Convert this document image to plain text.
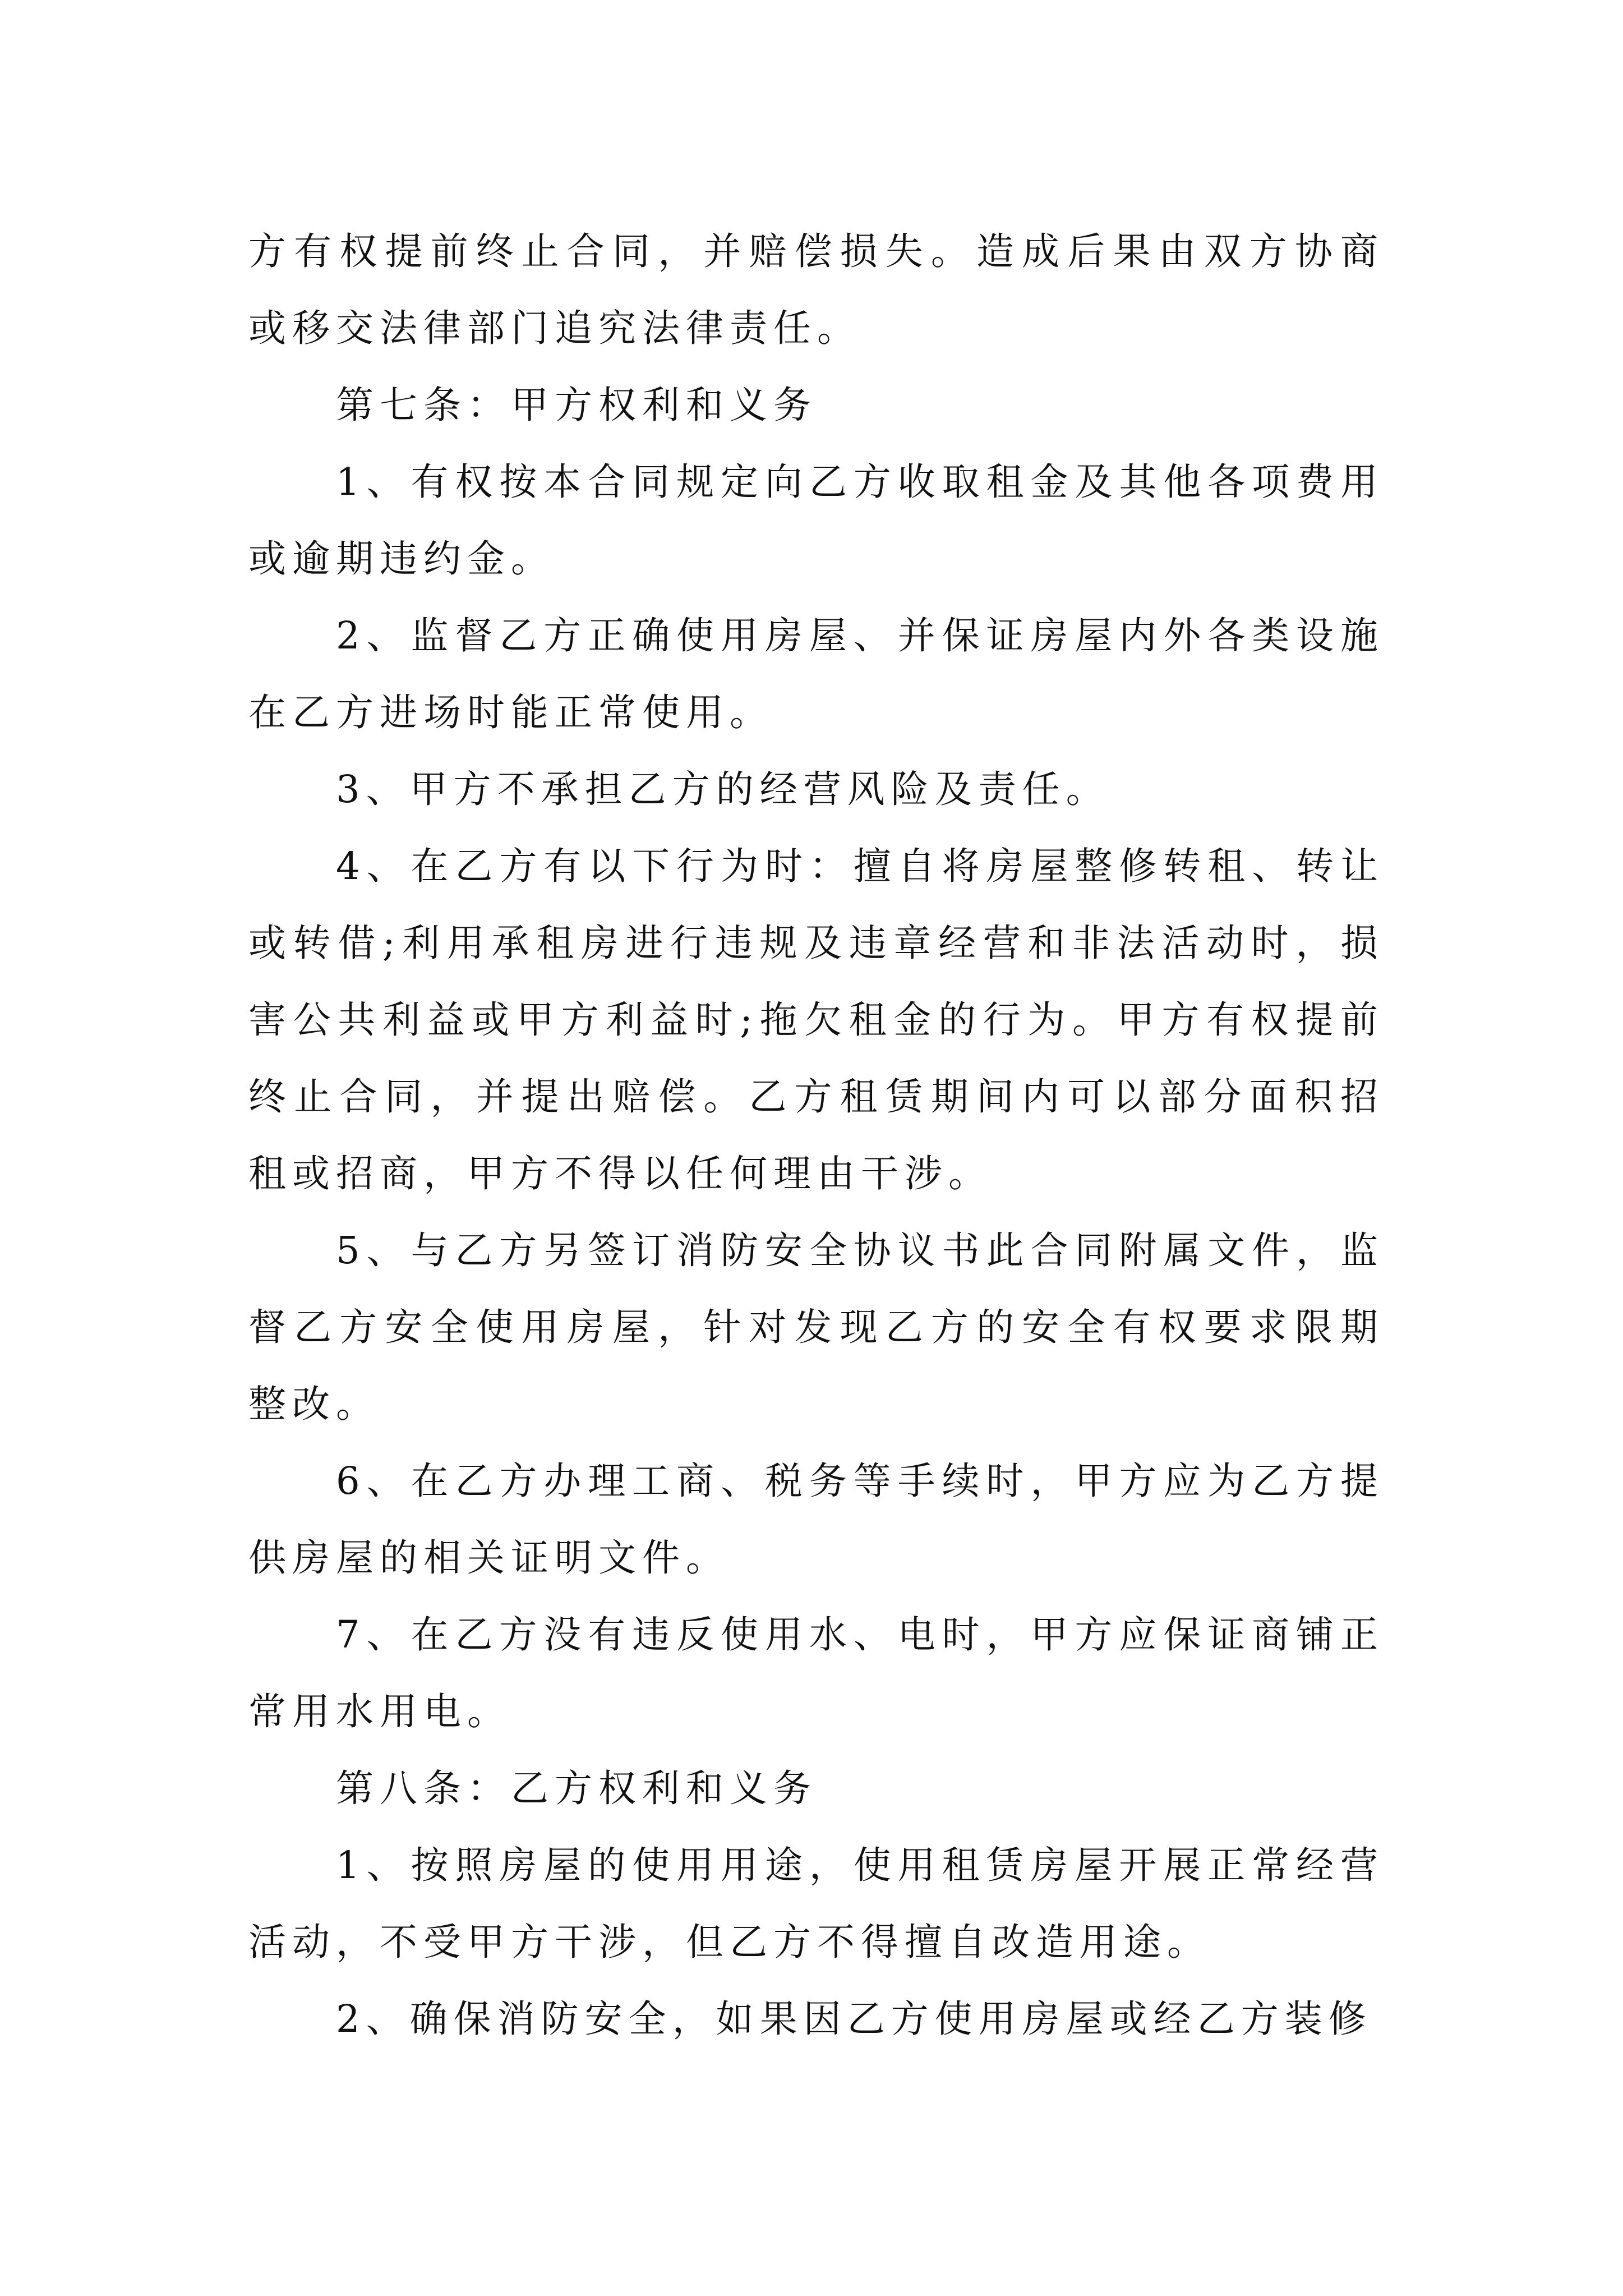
方有权提前终止合同，并赔偿损失。造成后果由双方协商或移交法律部门追究法律责任。

第七条：甲方权利和义务

1、有权按本合同规定向乙方收取租金及其他各项费用或逾期违约金。

2、监督乙方正确使用房屋、并保证房屋内外各类设施在乙方进场时能正常使用。

3、甲方不承担乙方的经营风险及责任。

4、在乙方有以下行为时：擅自将房屋整修转租、转让或转借;利用承租房进行违规及违章经营和非法活动时，损害公共利益或甲方利益时;拖欠租金的行为。甲方有权提前终止合同，并提出赔偿。乙方租赁期间内可以部分面积招租或招商，甲方不得以任何理由干涉。

5、与乙方另签订消防安全协议书此合同附属文件，监督乙方安全使用房屋，针对发现乙方的安全有权要求限期整改。

6、在乙方办理工商、税务等手续时，甲方应为乙方提供房屋的相关证明文件。

7、在乙方没有违反使用水、电时，甲方应保证商铺正常用水用电。

第八条：乙方权利和义务

1、按照房屋的使用用途，使用租赁房屋开展正常经营活动，不受甲方干涉，但乙方不得擅自改造用途。

2、确保消防安全，如果因乙方使用房屋或经乙方装修
